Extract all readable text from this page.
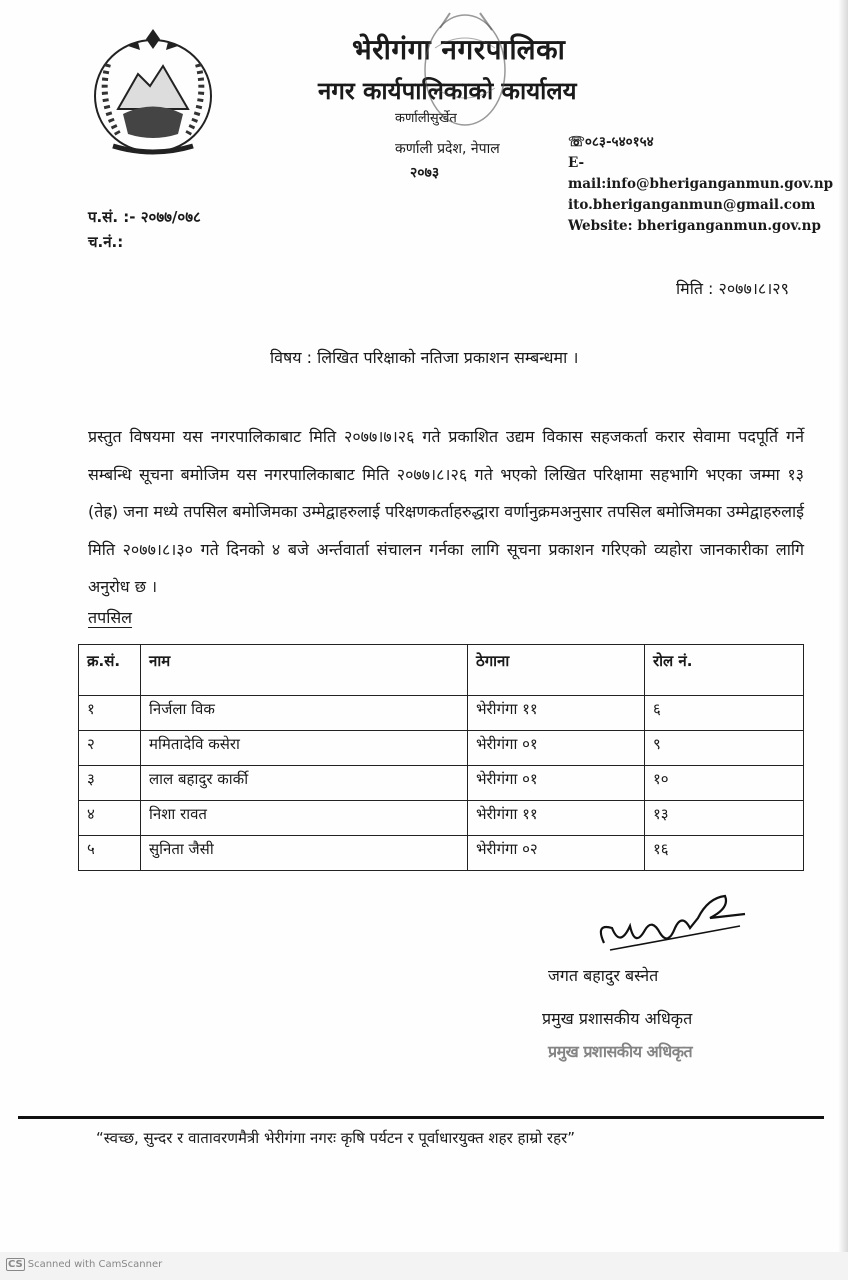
भेरीगंगा नगरपालिका
नगर कार्यपालिकाको कार्यालय
कर्णालीसुर्खेत
कर्णाली प्रदेश, नेपाल
२०७३
☏०८३-५४०१५४
E-mail:info@bheriganganmun.gov.np
ito.bheriganganmun@gmail.com
Website: bheriganganmun.gov.np
प.सं. :- २०७७/०७८
च.नं.:
मिति : २०७७।८।२९
विषय : लिखित परिक्षाको नतिजा प्रकाशन सम्बन्धमा ।
प्रस्तुत विषयमा यस नगरपालिकाबाट मिति २०७७।७।२६ गते प्रकाशित उद्यम विकास सहजकर्ता करार सेवामा पदपूर्ति गर्ने सम्बन्धि सूचना बमोजिम यस नगरपालिकाबाट मिति २०७७।८।२६ गते भएको लिखित परिक्षामा सहभागि भएका जम्मा १३ (तेह्र) जना मध्ये तपसिल बमोजिमका उम्मेद्वाहरुलाई परिक्षणकर्ताहरुद्धारा वर्णानुक्रमअनुसार तपसिल बमोजिमका उम्मेद्वाहरुलाई मिति २०७७।८।३० गते दिनको ४ बजे अर्न्तवार्ता संचालन गर्नका लागि सूचना प्रकाशन गरिएको व्यहोरा जानकारीका लागि अनुरोध छ ।
तपसिल
क्र.सं.	नाम	ठेगाना	रोल नं.
१	निर्जला विक	भेरीगंगा ११	६
२	ममितादेवि कसेरा	भेरीगंगा ०१	९
३	लाल बहादुर कार्की	भेरीगंगा ०१	१०
४	निशा रावत	भेरीगंगा ११	१३
५	सुनिता जैसी	भेरीगंगा ०२	१६
जगत बहादुर बस्नेत
प्रमुख प्रशासकीय अधिकृत
प्रमुख प्रशासकीय अधिकृत
“स्वच्छ, सुन्दर र वातावरणमैत्री भेरीगंगा नगरः कृषि पर्यटन र पूर्वाधारयुक्त शहर हाम्रो रहर”
CS Scanned with CamScanner
